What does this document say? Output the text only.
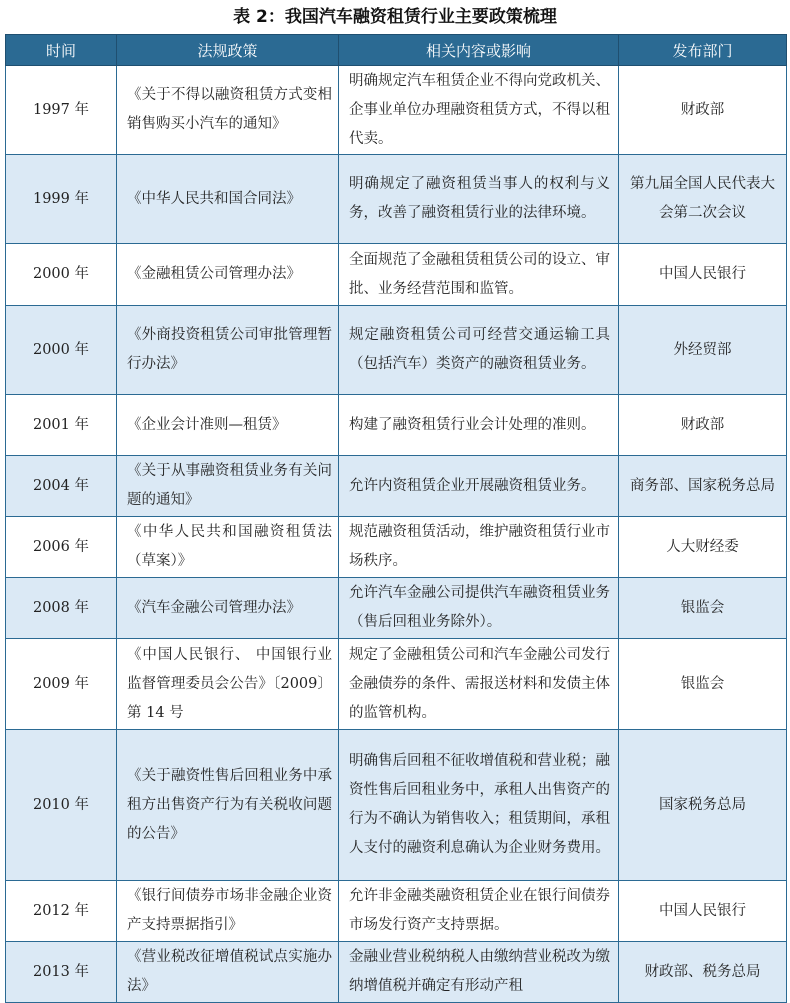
表 2：我国汽车融资租赁行业主要政策梳理
时间	法规政策	相关内容或影响	发布部门
1997 年	《关于不得以融资租赁方式变相销售购买小汽车的通知》	明确规定汽车租赁企业不得向党政机关、企事业单位办理融资租赁方式，不得以租代卖。	财政部
1999 年	《中华人民共和国合同法》	明确规定了融资租赁当事人的权利与义务，改善了融资租赁行业的法律环境。	第九届全国人民代表大会第二次会议
2000 年	《金融租赁公司管理办法》	全面规范了金融租赁租赁公司的设立、审批、业务经营范围和监管。	中国人民银行
2000 年	《外商投资租赁公司审批管理暂行办法》	规定融资租赁公司可经营交通运输工具（包括汽车）类资产的融资租赁业务。	外经贸部
2001 年	《企业会计准则—租赁》	构建了融资租赁行业会计处理的准则。	财政部
2004 年	《关于从事融资租赁业务有关问题的通知》	允许内资租赁企业开展融资租赁业务。	商务部、国家税务总局
2006 年	《中华人民共和国融资租赁法（草案）》	规范融资租赁活动，维护融资租赁行业市场秩序。	人大财经委
2008 年	《汽车金融公司管理办法》	允许汽车金融公司提供汽车融资租赁业务（售后回租业务除外）。	银监会
2009 年	《中国人民银行、 中国银行业监督管理委员会公告》〔2009〕第 14 号	规定了金融租赁公司和汽车金融公司发行金融债券的条件、需报送材料和发债主体的监管机构。	银监会
2010 年	《关于融资性售后回租业务中承租方出售资产行为有关税收问题的公告》	明确售后回租不征收增值税和营业税；融资性售后回租业务中，承租人出售资产的行为不确认为销售收入；租赁期间，承租人支付的融资利息确认为企业财务费用。	国家税务总局
2012 年	《银行间债券市场非金融企业资产支持票据指引》	允许非金融类融资租赁企业在银行间债券市场发行资产支持票据。	中国人民银行
2013 年	《营业税改征增值税试点实施办法》	金融业营业税纳税人由缴纳营业税改为缴纳增值税并确定有形动产租	财政部、税务总局
